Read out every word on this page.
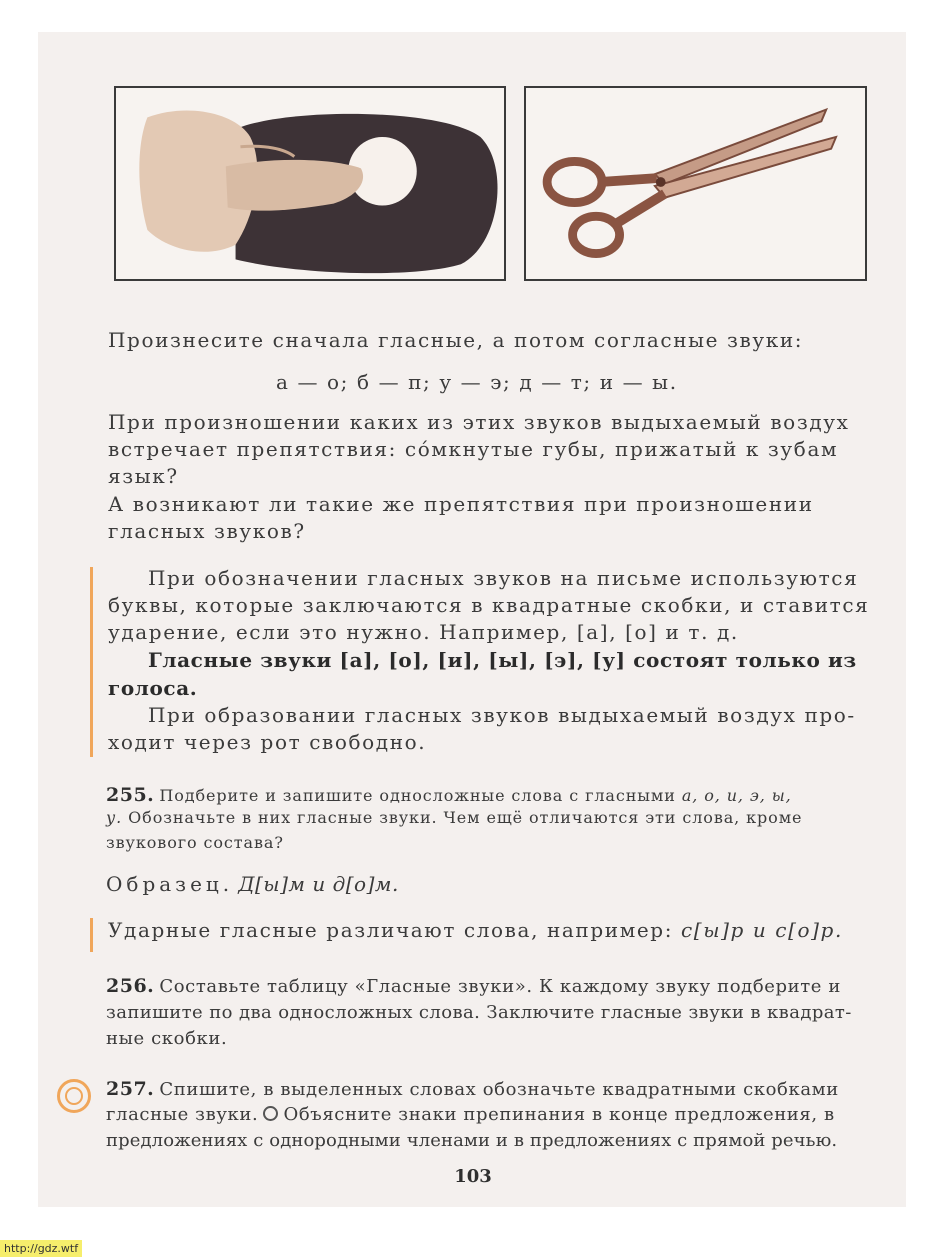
Произнесите сначала гласные, а потом согласные звуки:
а — о; б — п; у — э; д — т; и — ы.
При произношении каких из этих звуков выдыхаемый воздух
встречает препятствия: со́мкнутые губы, прижатый к зубам
язык?
А возникают ли такие же препятствия при произношении
гласных звуков?
При обозначении гласных звуков на письме используются
буквы, которые заключаются в квадратные скобки, и ставится
ударение, если это нужно. Например, [а], [о] и т. д.
Гласные звуки [а], [о], [и], [ы], [э], [у] состоят только из
голоса.
При образовании гласных звуков выдыхаемый воздух про-
ходит через рот свободно.
255. Подберите и запишите односложные слова с гласными а, о, и, э, ы,
у. Обозначьте в них гласные звуки. Чем ещё отличаются эти слова, кроме
звукового состава?
Образец. Д[ы]м и д[о]м.
Ударные гласные различают слова, например: с[ы]р и с[о]р.
256. Составьте таблицу «Гласные звуки». К каждому звуку подберите и
запишите по два односложных слова. Заключите гласные звуки в квадрат-
ные скобки.
257. Спишите, в выделенных словах обозначьте квадратными скобками
гласные звуки. Объясните знаки препинания в конце предложения, в
предложениях с однородными членами и в предложениях с прямой речью.
103
http://gdz.wtf
